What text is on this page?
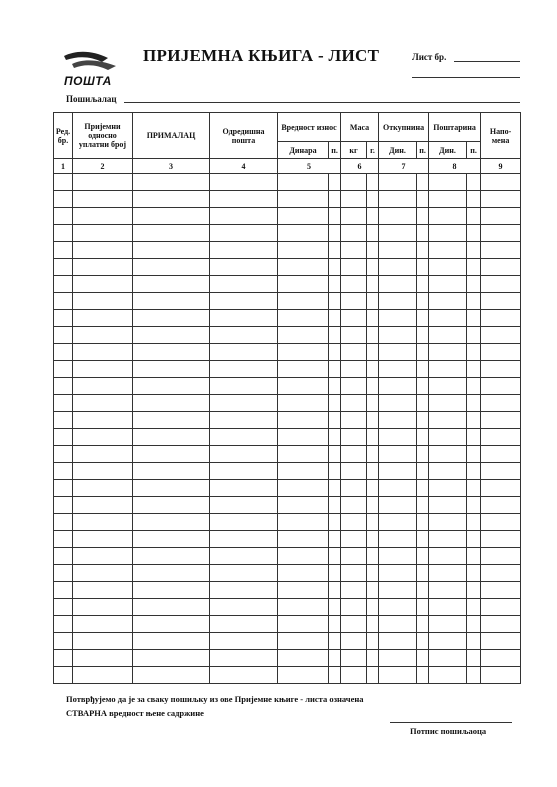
ПОШТА
ПРИЈЕМНА КЊИГА - ЛИСТ	Лист бр.
Пошиљалац
Ред. бр.	Пријемни односно уплатни број	ПРИМАЛАЦ	Одредишна пошта	Вредност износ		Маса		Откупнина		Поштарина		Напо- мена
				Динара	п.	кг	г.	Дин.	п.	Дин.	п.	
1	2	3	4	5		6		7		8		9

Потврђујемо да је за сваку пошиљку из ове Пријемне књиге - листа означена
СТВАРНА вредност њене садржине
Потпис пошиљаоца
